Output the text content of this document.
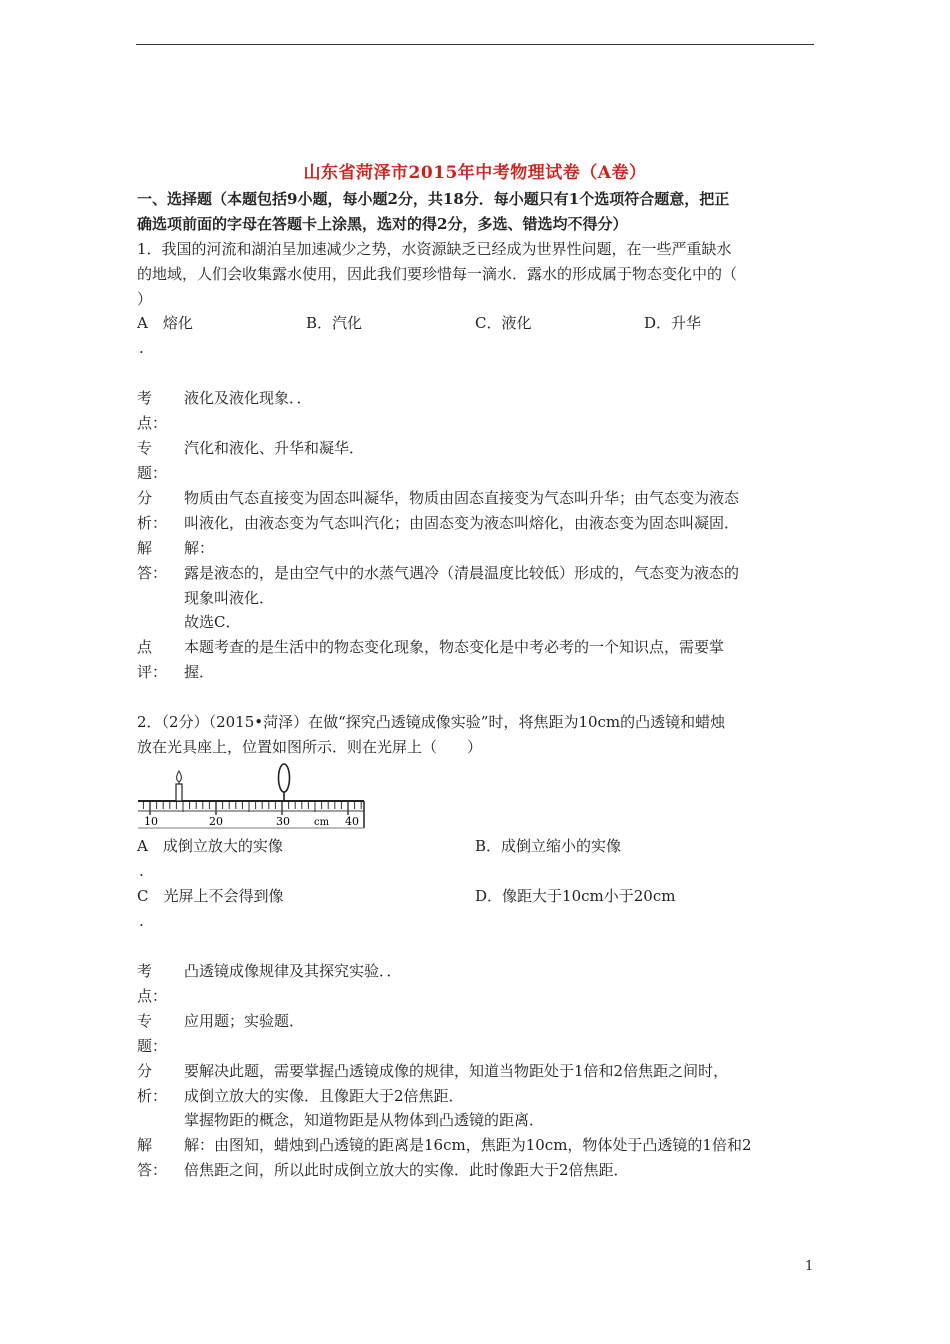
山东省菏泽市2015年中考物理试卷（A卷）
一、选择题（本题包括9小题，每小题2分，共18分．每小题只有1个选项符合题意，把正
确选项前面的字母在答题卡上涂黑，选对的得2分，多选、错选均不得分）
1．我国的河流和湖泊呈加速减少之势，水资源缺乏已经成为世界性问题，在一些严重缺水
的地域，人们会收集露水使用，因此我们要珍惜每一滴水．露水的形成属于物态变化中的（
）
A　熔化	B．汽化	C．液化	D．升华
.
考
点：
液化及液化现象．．
专
题：
汽化和液化、升华和凝华．
分
析：
物质由气态直接变为固态叫凝华，物质由固态直接变为气态叫升华；由气态变为液态
叫液化，由液态变为气态叫汽化；由固态变为液态叫熔化，由液态变为固态叫凝固．
解
答：
解：
露是液态的，是由空气中的水蒸气遇冷（清晨温度比较低）形成的，气态变为液态的
现象叫液化．
故选C．
点
评：
本题考查的是生活中的物态变化现象，物态变化是中考必考的一个知识点，需要掌
握．
2．（2分）（2015•菏泽）在做“探究凸透镜成像实验”时，将焦距为10cm的凸透镜和蜡烛
放在光具座上，位置如图所示．则在光屏上（　　）
10	20	30 cm 40
A　成倒立放大的实像	B．成倒立缩小的实像
.
C　光屏上不会得到像	D．像距大于10cm小于20cm
.
考
点：
凸透镜成像规律及其探究实验．．
专
题：
应用题；实验题．
分
析：
要解决此题，需要掌握凸透镜成像的规律，知道当物距处于1倍和2倍焦距之间时，
成倒立放大的实像．且像距大于2倍焦距．
掌握物距的概念，知道物距是从物体到凸透镜的距离．
解
答：
解：由图知，蜡烛到凸透镜的距离是16cm，焦距为10cm，物体处于凸透镜的1倍和2
倍焦距之间，所以此时成倒立放大的实像．此时像距大于2倍焦距．
1
